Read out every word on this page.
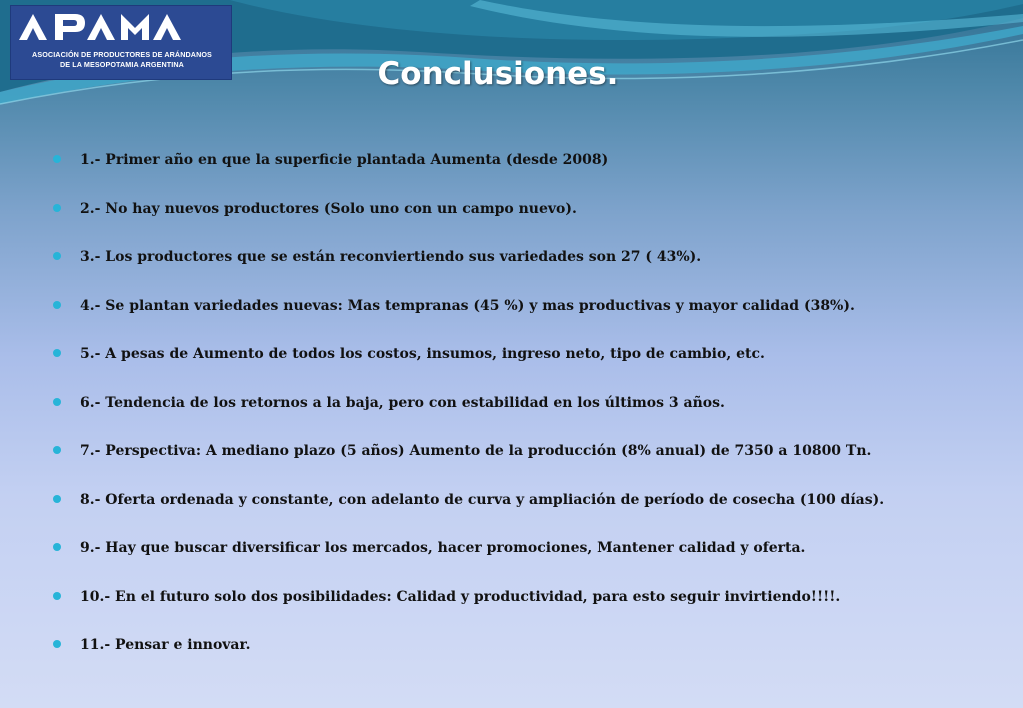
ASOCIACIÓN DE PRODUCTORES DE ARÁNDANOS
DE LA MESOPOTAMIA ARGENTINA	Conclusiones.
1.- Primer año en que la superficie plantada Aumenta (desde 2008)
2.- No hay nuevos productores (Solo uno con un campo nuevo).
3.- Los productores que se están reconviertiendo sus variedades son 27 ( 43%).
4.- Se plantan variedades nuevas: Mas tempranas (45 %) y mas productivas y mayor calidad (38%).
5.- A pesas de Aumento de todos los costos, insumos, ingreso neto, tipo de cambio, etc.
6.- Tendencia de los retornos a la baja, pero con estabilidad en los últimos 3 años.
7.- Perspectiva: A mediano plazo (5 años) Aumento de la producción (8% anual) de 7350 a 10800 Tn.
8.- Oferta ordenada y constante, con adelanto de curva y ampliación de período de cosecha (100 días).
9.- Hay que buscar diversificar los mercados, hacer promociones, Mantener calidad y oferta.
10.- En el futuro solo dos posibilidades: Calidad y productividad, para esto seguir invirtiendo!!!!.
11.- Pensar e innovar.
